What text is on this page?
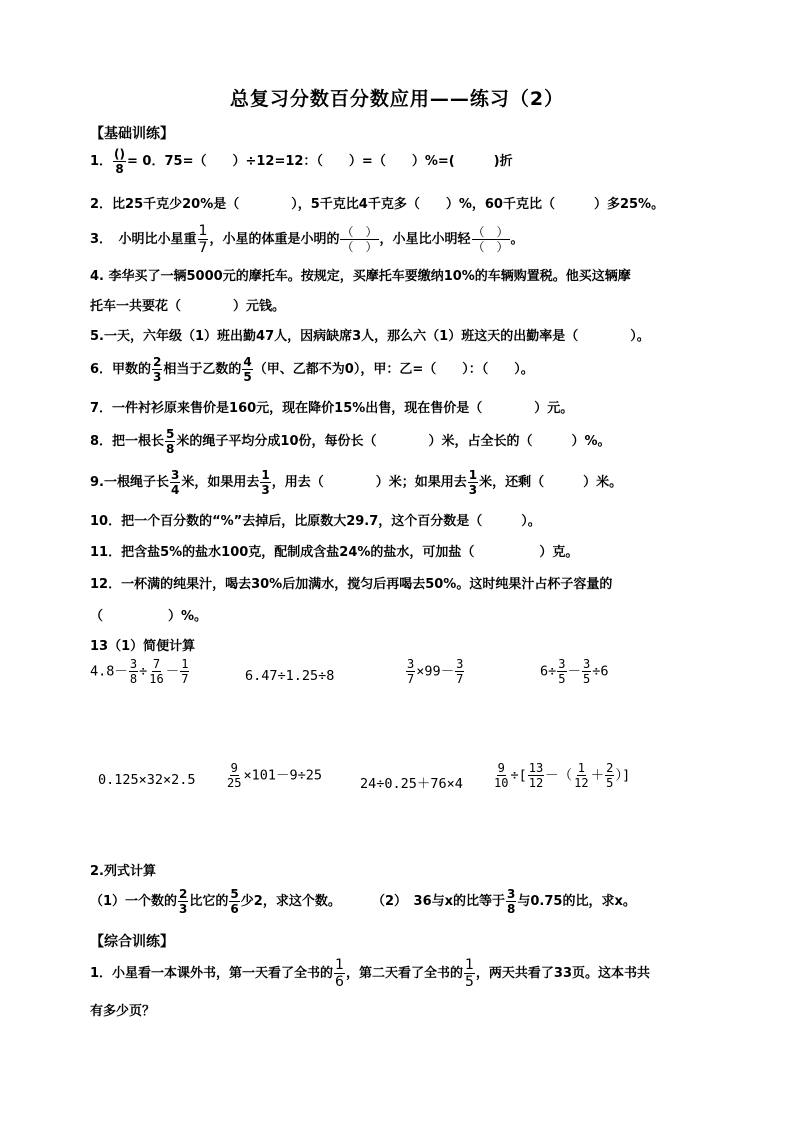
总复习分数百分数应用——练习（2）
【基础训练】
1． $\frac{()}{8} = 0$．75=（　　）÷12=12：（　　）=（　　）%=(　　　)折
2．比25千克少20%是（　　　　），5千克比4千克多（　　）%，60千克比（　　　）多25%。
3．　小明比小星重 $\frac{1}{7}$ ，小星的体重是小明的 $\frac{( )}{( )}$ ，小星比小明轻 $\frac{( )}{( )}$ 。
4. 李华买了一辆5000元的摩托车。按规定，买摩托车要缴纳10%的车辆购置税。他买这辆摩
托车一共要花（　　　　）元钱。
5.一天，六年级（1）班出勤47人，因病缺席3人，那么六（1）班这天的出勤率是（　　　　）。
6．甲数的 $\frac{2}{3}$ 相当于乙数的 $\frac{4}{5}$ （甲、乙都不为0），甲：乙=（　　）：（　　）。
7．一件衬衫原来售价是160元，现在降价15%出售，现在售价是（　　　　）元。
8．把一根长 $\frac{5}{8}$ 米的绳子平均分成10份，每份长（　　　　）米，占全长的（　　　）%。
9.一根绳子长 $\frac{3}{4}$ 米，如果用去 $\frac{1}{3}$ ，用去（　　　　）米；如果用去 $\frac{1}{3}$ 米，还剩（　　　）米。
10．把一个百分数的“%”去掉后，比原数大29.7，这个百分数是（　　　）。
11．把含盐5%的盐水100克，配制成含盐24%的盐水，可加盐（　　　　　）克。
12．一杯满的纯果汁，喝去30%后加满水，搅匀后再喝去50%。这时纯果汁占杯子容量的
（　　　　　）%。
13（1）简便计算
$4.8- \frac{3}{8} \div \frac{7}{16} - \frac{1}{7}$	6.47÷1.25÷8	$\frac{3}{7} \times 99- \frac{3}{7}$	$6\div \frac{3}{5} - \frac{3}{5} \div 6$
0.125×32×2.5	$\frac{9}{25} \times 101-9\div 25$
24÷0.25＋76×4	$\frac{9}{10}$ ÷[ $\frac{13}{12}$ －（ $\frac{1}{12} + \frac{2}{5}$ ）]
2.列式计算
（1）一个数的 $\frac{2}{3}$ 比它的 $\frac{5}{6}$ 少2，求这个数。 （2）　36与x的比等于 $\frac{3}{8}$ 与0.75的比，求x。
【综合训练】
1．小星看一本课外书，第一天看了全书的 $\frac{1}{6}$ ，第二天看了全书的 $\frac{1}{5}$ ，两天共看了33页。这本书共
有多少页？
